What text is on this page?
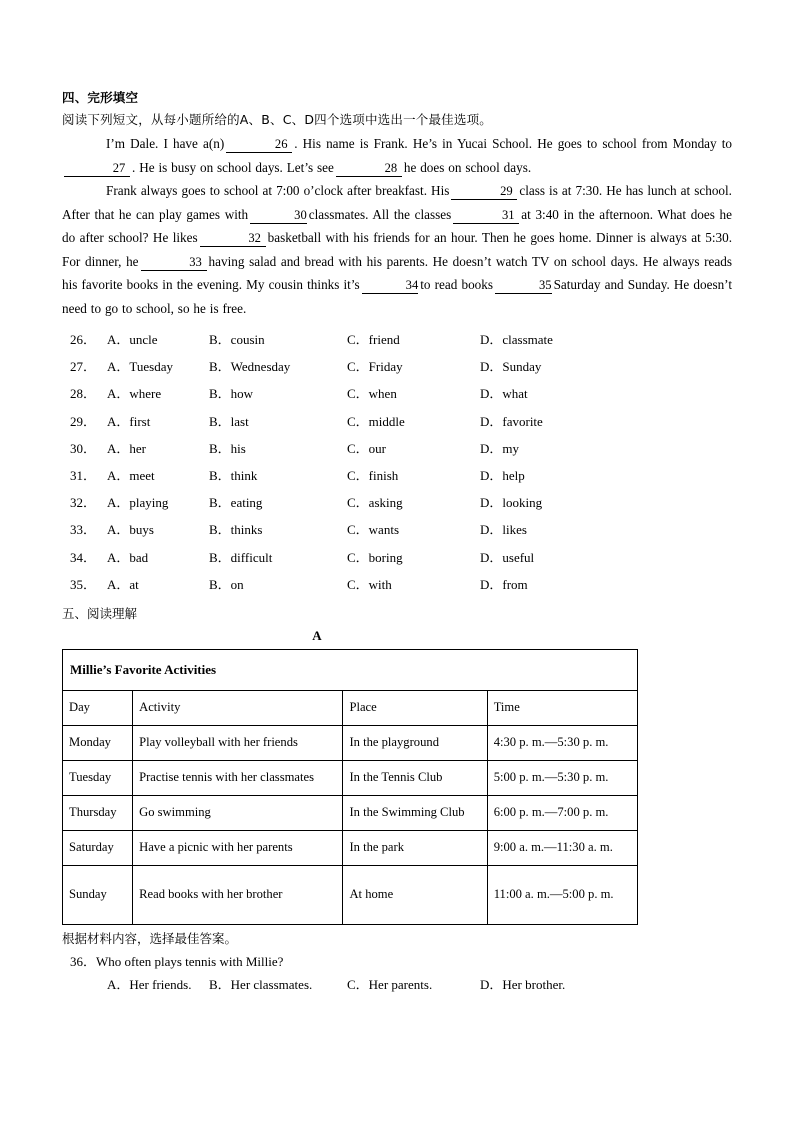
四、完形填空
阅读下列短文，从每小题所给的A、B、C、D四个选项中选出一个最佳选项。

I’m Dale. I have a(n)	26 . His name is Frank. He’s in Yucai School. He goes to school from Monday to27 . He is busy on school days. Let’s see	28 he does on school days.

Frank always goes to school at 7:00 o’clock after breakfast. His	29 class is at 7:30. He has lunch at school. After that he can play games with	30 classmates. All the classes	31 at 3:40 in the afternoon. What does he do after school? He likes	32 basketball with his friends for an hour. Then he goes home. Dinner is always at 5:30. For dinner, he	33 having salad and bread with his parents. He doesn’t watch TV on school days. He always reads his favorite books in the evening. My cousin thinks it’s	34 to read books	35 Saturday and Sunday. He doesn’t need to go to school, so he is free.

26． A．uncle	B．cousin	C．friend	D．classmate
27． A．Tuesday	B．Wednesday	C．Friday	D．Sunday
28． A．where	B．how	C．when	D．what
29． A．first	B．last	C．middle	D．favorite
30． A．her	B．his	C．our	D．my
31． A．meet	B．think	C．finish	D．help
32． A．playing	B．eating	C．asking	D．looking
33． A．buys	B．thinks	C．wants	D．likes
34． A．bad	B．difficult	C．boring	D．useful
35． A．at	B．on	C．with	D．from
五、阅读理解
A
Millie’s Favorite Activities			
Day	Activity	Place	Time
Monday	Play volleyball with her friends	In the playground	4:30 p. m.—5:30 p. m.
Tuesday	Practise tennis with her classmates	In the Tennis Club	5:00 p. m.—5:30 p. m.
Thursday	Go swimming	In the Swimming Club	6:00 p. m.—7:00 p. m.
Saturday	Have a picnic with her parents	In the park	9:00 a. m.—11:30 a. m.
Sunday	Read books with her brother	At home	11:00 a. m.—5:00 p. m.
根据材料内容，选择最佳答案。
36．Who often plays tennis with Millie?
A．Her friends. B．Her classmates.	C．Her parents.	D．Her brother.
